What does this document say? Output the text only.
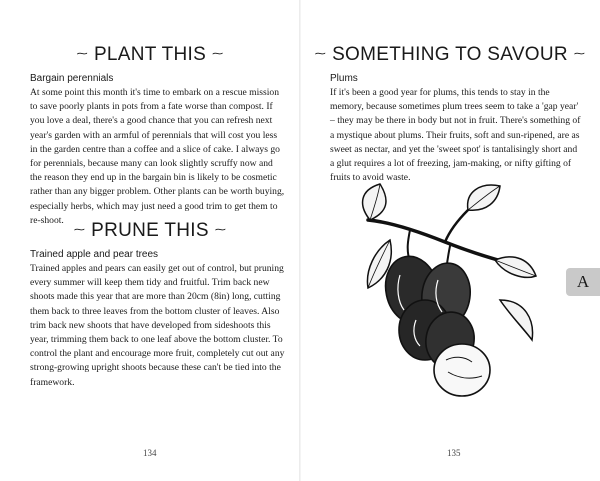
⁓ PLANT THIS ⁓
Bargain perennials

At some point this month it's time to embark on a rescue mission to save poorly plants in pots from a fate worse than compost. If you love a deal, there's a good chance that you can refresh next year's garden with an armful of perennials that will cost you less in the garden centre than a coffee and a slice of cake. I always go for perennials, because many can look slightly scruffy now and the reason they end up in the bargain bin is likely to be cosmetic rather than any bigger problem. Other plants can be worth buying, especially herbs, which may just need a good trim to get them to re-shoot.

⁓ PRUNE THIS ⁓
Trained apple and pear trees

Trained apples and pears can easily get out of control, but pruning every summer will keep them tidy and fruitful. Trim back new shoots made this year that are more than 20cm (8in) long, cutting them back to three leaves from the bottom cluster of leaves. Also trim back new shoots that have developed from sideshoots this year, trimming them back to one leaf above the bottom cluster. To control the plant and encourage more fruit, completely cut out any strong-growing upright shoots because these can't be tied into the framework.

134

⁓ SOMETHING TO SAVOUR ⁓
Plums

If it's been a good year for plums, this tends to stay in the memory, because sometimes plum trees seem to take a 'gap year' – they may be there in body but not in fruit. There's something of a mystique about plums. Their fruits, soft and sun-ripened, are as sweet as nectar, and yet the 'sweet spot' is tantalisingly short and a glut requires a lot of freezing, jam-making, or nifty gifting of fruits to avoid waste.

135

A
